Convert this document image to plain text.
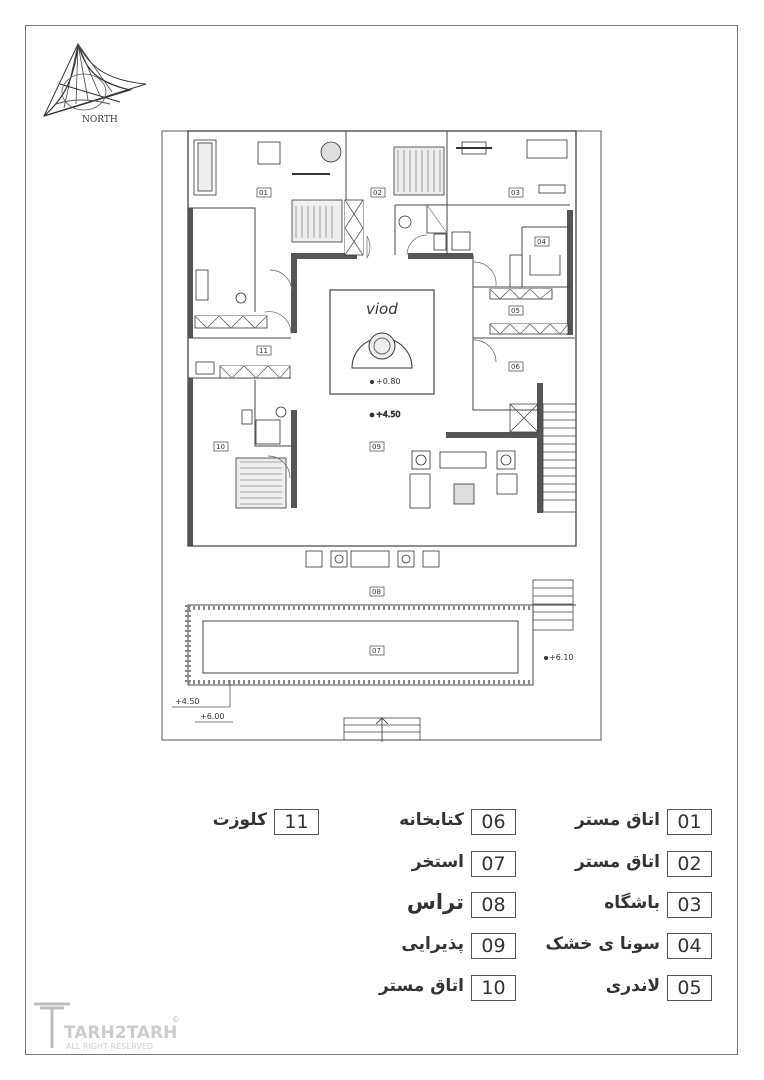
NORTH
viod
+0.80
+4.50
+6.10
+4.50
+6.00
01	02	03
04
05
06
07
08
09
10
11
اتاق مستر 01
اتاق مستر 02
باشگاه 03
سونا ی خشک 04
لاندری 05
کتابخانه 06
استخر 07
تراس 08
پذیرایی 09
اتاق مستر 10
کلوزت 11
TARH2TARH
ALL RIGHT RESERVED
©
